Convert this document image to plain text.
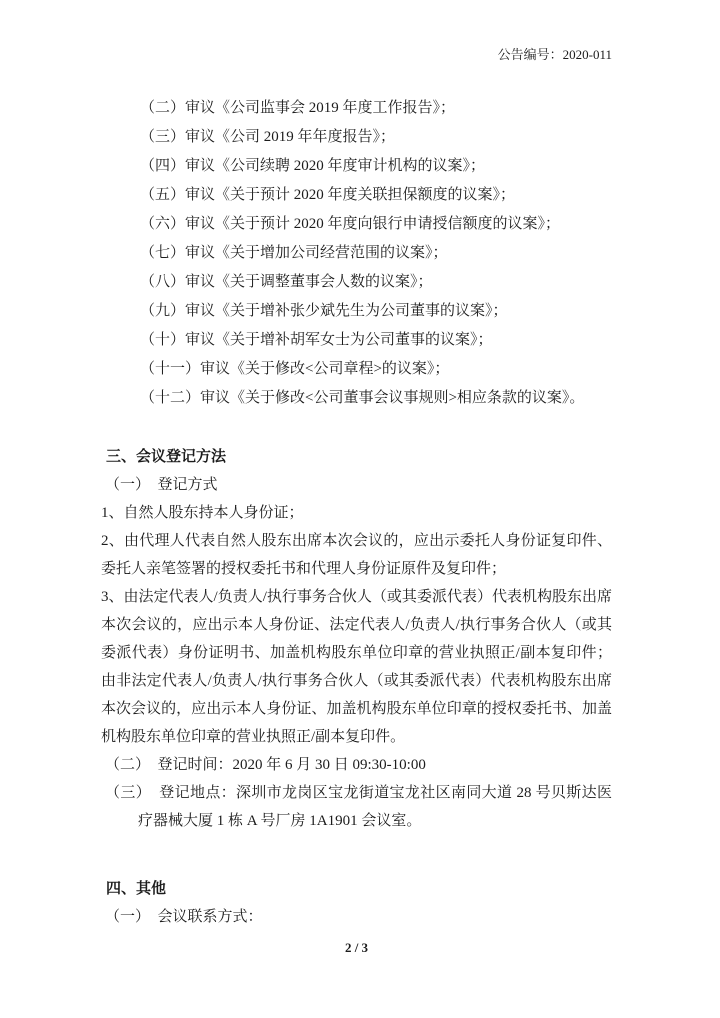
公告编号：2020-011
（二）审议《公司监事会 2019 年度工作报告》；
（三）审议《公司 2019 年年度报告》；
（四）审议《公司续聘 2020 年度审计机构的议案》；
（五）审议《关于预计 2020 年度关联担保额度的议案》；
（六）审议《关于预计 2020 年度向银行申请授信额度的议案》；
（七）审议《关于增加公司经营范围的议案》；
（八）审议《关于调整董事会人数的议案》；
（九）审议《关于增补张少斌先生为公司董事的议案》；
（十）审议《关于增补胡军女士为公司董事的议案》；
（十一）审议《关于修改<公司章程>的议案》；
（十二）审议《关于修改<公司董事会议事规则>相应条款的议案》。
三、会议登记方法
（一）  登记方式
1、自然人股东持本人身份证；
2、由代理人代表自然人股东出席本次会议的，应出示委托人身份证复印件、委托人亲笔签署的授权委托书和代理人身份证原件及复印件；
3、由法定代表人/负责人/执行事务合伙人（或其委派代表）代表机构股东出席本次会议的，应出示本人身份证、法定代表人/负责人/执行事务合伙人（或其委派代表）身份证明书、加盖机构股东单位印章的营业执照正/副本复印件；由非法定代表人/负责人/执行事务合伙人（或其委派代表）代表机构股东出席本次会议的，应出示本人身份证、加盖机构股东单位印章的授权委托书、加盖机构股东单位印章的营业执照正/副本复印件。
（二）  登记时间：2020 年 6 月 30 日 09:30-10:00
（三）  登记地点：深圳市龙岗区宝龙街道宝龙社区南同大道 28 号贝斯达医疗器械大厦 1 栋 A 号厂房 1A1901 会议室。
四、其他
（一）  会议联系方式：
2 / 3
